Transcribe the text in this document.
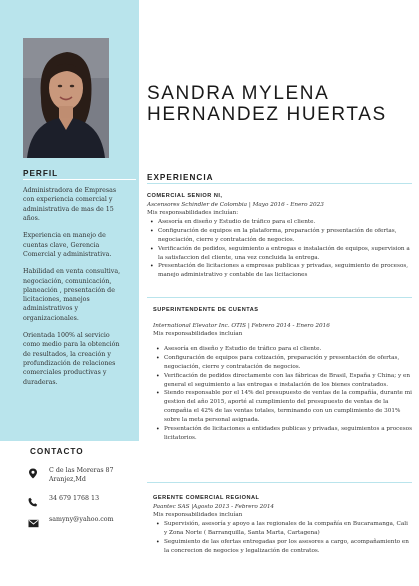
PERFIL

Administradora de Empresas con experiencia comercial y administrativa de mas de 15 años.

Experiencia en manejo de cuentas clave, Gerencia Comercial y administrativa.

Habilidad en venta consultiva, negociación, comunicación, planeación , presentación de licitaciones, manejos administrativos y organizacionales.

Orientada 100% al servicio como medio para la obtención de resultados, la creación y profundización de relaciones comerciales productivas y duraderas.

CONTACTO
C de las Moreras 87
Aranjez,Md
34 679 1768 13
samyny@yahoo.com
SANDRA MYLENA
HERNANDEZ HUERTAS
EXPERIENCIA
COMERCIAL SENIOR NI,
Ascensores Schindler de Colombia | Mayo 2016 - Enero 2023
Mis responsabilidades incluían:
• Asesoría en diseño y Estudio de tráfico para el cliente.
• Configuración de equipos en la plataforma, preparación y presentación de ofertas, negociación, cierre y contratación de negocios.
• Verificación de pedidos, seguimiento a entregas e instalación de equipos, supervision a la satisfaccion del cliente, una vez concluida la entrega.
• Presentación de licitaciones a empresas publicas y privadas, seguimiento de procesos, manejo administrativo y contable de las licitaciones
SUPERINTENDENTE DE CUENTAS
International Elevator Inc. OTIS | Febrero 2014 - Enero 2016
Mis responsabilidades incluían
• Asesoría en diseño y Estudio de tráfico para el cliente.
• Configuración de equipos para cotización, preparación y presentación de ofertas, negociación, cierre y contratación de negocios.
• Verificación de pedidos directamente con las fábricas de Brasil, España y China; y en general el seguimiento a las entregas e instalación de los bienes contratados.
• Siendo responsable por el 14% del presupuesto de ventas de la compañía, durante mi gestion del año 2015, aporté al cumplimiento del presupuesto de ventas de la compañia el 42% de las ventas totales, terminando con un cumplimiento de 301% sobre la meta personal asignada.
• Presentación de licitaciones a entidades publicas y privadas, seguimientos a procesos licitatorios.
GERENTE COMERCIAL REGIONAL
Paantec SAS |Agosto 2013 - Febrero 2014
Mis responsabilidades incluían
• Supervisión, asesoría y apoyo a las regionales de la compañía en Bucaramanga, Cali y Zona Norte ( Barranquilla, Santa Marta, Cartagena)
• Seguimiento de las ofertas entregadas por los asesores a cargo, acompañamiento en la concrecion de negocios y legalización de contratos.
